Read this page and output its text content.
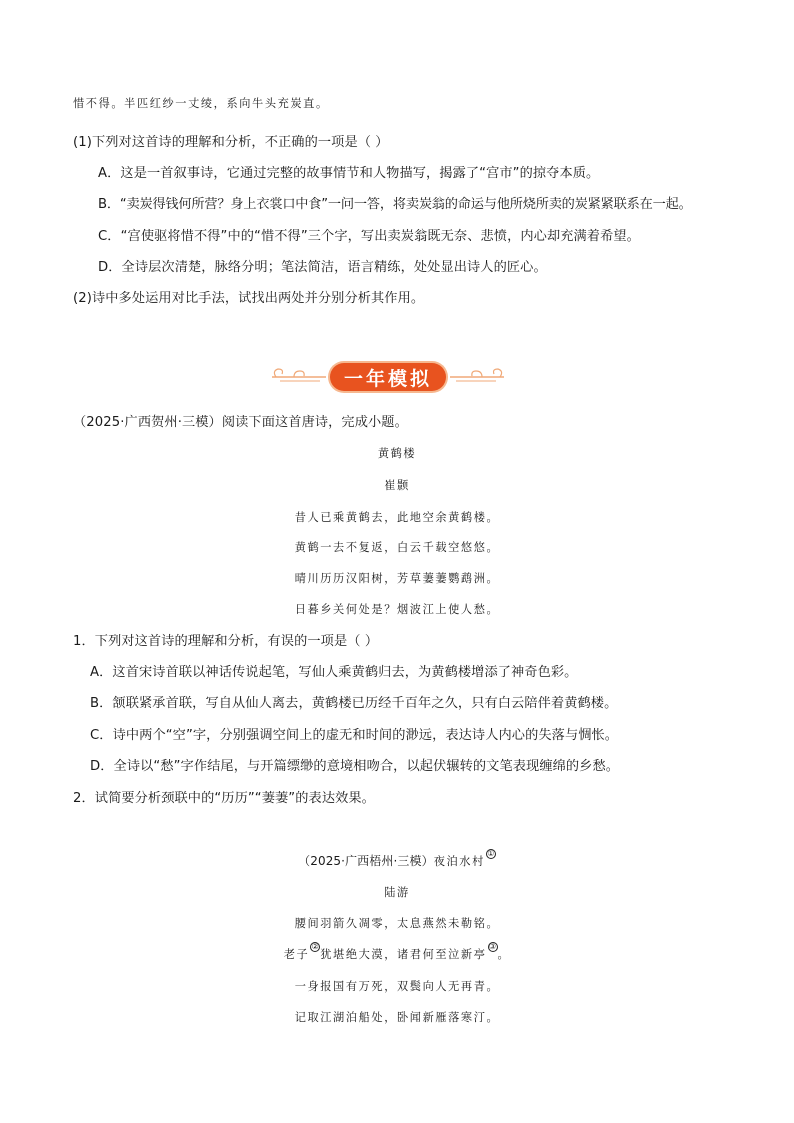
惜不得。半匹红纱一丈绫，系向牛头充炭直。
(1)下列对这首诗的理解和分析，不正确的一项是（ ）
A．这是一首叙事诗，它通过完整的故事情节和人物描写，揭露了“宫市”的掠夺本质。
B．“卖炭得钱何所营？身上衣裳口中食”一问一答，将卖炭翁的命运与他所烧所卖的炭紧紧联系在一起。
C．“宫使驱将惜不得”中的“惜不得”三个字，写出卖炭翁既无奈、悲愤，内心却充满着希望。
D．全诗层次清楚，脉络分明；笔法简洁，语言精练，处处显出诗人的匠心。
(2)诗中多处运用对比手法，试找出两处并分别分析其作用。
一年模拟
（2025·广西贺州·三模）阅读下面这首唐诗，完成小题。
黄鹤楼
崔颢
昔人已乘黄鹤去，此地空余黄鹤楼。
黄鹤一去不复返，白云千载空悠悠。
晴川历历汉阳树，芳草萋萋鹦鹉洲。
日暮乡关何处是？烟波江上使人愁。
1．下列对这首诗的理解和分析，有误的一项是（ ）
A．这首宋诗首联以神话传说起笔，写仙人乘黄鹤归去，为黄鹤楼增添了神奇色彩。
B．颔联紧承首联，写自从仙人离去，黄鹤楼已历经千百年之久，只有白云陪伴着黄鹤楼。
C．诗中两个“空”字，分别强调空间上的虚无和时间的渺远，表达诗人内心的失落与惆怅。
D．全诗以“愁”字作结尾，与开篇缥缈的意境相吻合，以起伏辗转的文笔表现缠绵的乡愁。
2．试简要分析颈联中的“历历”“萋萋”的表达效果。
（2025·广西梧州·三模）夜泊水村①
陆游
腰间羽箭久凋零，太息燕然未勒铭。
老子②犹堪绝大漠，诸君何至泣新亭③。
一身报国有万死，双鬓向人无再青。
记取江湖泊船处，卧闻新雁落寒汀。
